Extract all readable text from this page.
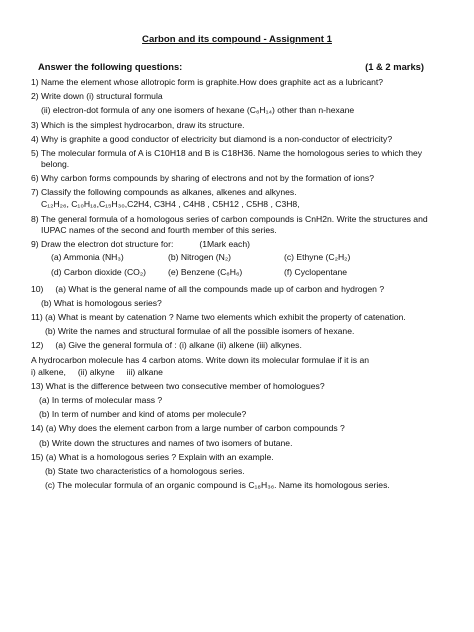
Carbon and its compound - Assignment 1
Answer the following questions:	(1 & 2 marks)

1) Name the element whose allotropic form is graphite.How does graphite act as a lubricant?

2) Write down (i) structural formula

(ii) electron-dot formula of any one isomers of hexane (C₆H₁₄) other than n-hexane

3) Which is the simplest hydrocarbon, draw its structure.

4) Why is graphite a good conductor of electricity but diamond is a non-conductor of electricity?

5) The molecular formula of A is C10H18 and B is C18H36. Name the homologous series to which they

belong.

6) Why carbon forms compounds by sharing of electrons and not by the formation of ions?

7) Classify the following compounds as alkanes, alkenes and alkynes.

C₁₂H₂₆, C₁₀H₁₈,C₁₅H₃₀,C2H4, C3H4 , C4H8 , C5H12 , C5H8 , C3H8,

8) The general formula of a homologous series of carbon compounds is CnH2n. Write the structures and

IUPAC names of the second and fourth member of this series.

9) Draw the electron dot structure for:	(1Mark each)

(a) Ammonia (NH₃)	(b) Nitrogen (N₂)	(c) Ethyne (C₂H₂)
(d) Carbon dioxide (CO₂)	(e) Benzene (C₆H₆)	(f) Cyclopentane

10) (a) What is the general name of all the compounds made up of carbon and hydrogen ?

(b) What is homologous series?

11) (a) What is meant by catenation ? Name two elements which exhibit the property of catenation.

(b) Write the names and structural formulae of all the possible isomers of hexane.

12) (a) Give the general formula of : (i) alkane (ii) alkene (iii) alkynes.

A hydrocarbon molecule has 4 carbon atoms. Write down its molecular formulae if it is an

i) alkene, (ii) alkyne iii) alkane

13) What is the difference between two consecutive member of homologues?

(a) In terms of molecular mass ?

(b) In term of number and kind of atoms per molecule?

14) (a) Why does the element carbon from a large number of carbon compounds ?

(b) Write down the structures and names of two isomers of butane.

15) (a) What is a homologous series ? Explain with an example.

(b) State two characteristics of a homologous series.

(c) The molecular formula of an organic compound is C₁₈H₃₆. Name its homologous series.
